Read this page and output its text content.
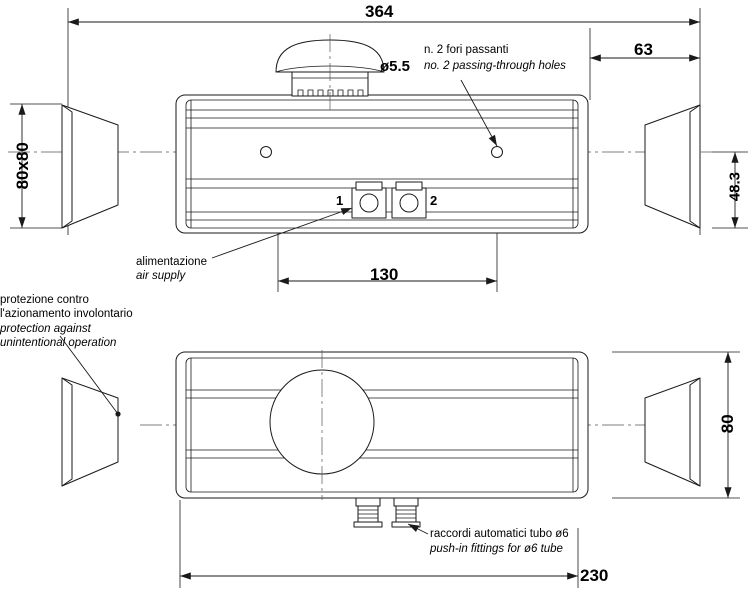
364
63
130
230
80x80	48.3
80
ø5.5
n. 2 fori passanti
no. 2 passing-through holes
1	2
alimentazione
air supply
protezione contro
l'azionamento involontario
protection against
unintentional operation
raccordi automatici tubo ø6
push-in fittings for ø6 tube
